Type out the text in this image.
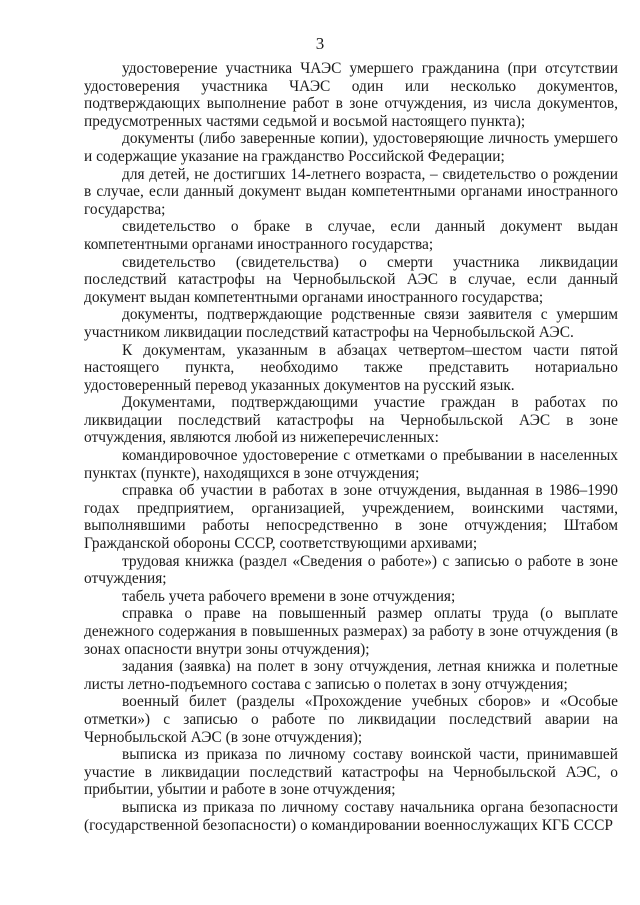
3

удостоверение участника ЧАЭС умершего гражданина (при отсутствии удостоверения участника ЧАЭС один или несколько документов, подтверждающих выполнение работ в зоне отчуждения, из числа документов, предусмотренных частями седьмой и восьмой настоящего пункта);

документы (либо заверенные копии), удостоверяющие личность умершего и содержащие указание на гражданство Российской Федерации;

для детей, не достигших 14-летнего возраста, – свидетельство о рождении в случае, если данный документ выдан компетентными органами иностранного государства;

свидетельство о браке в случае, если данный документ выдан компетентными органами иностранного государства;

свидетельство (свидетельства) о смерти участника ликвидации последствий катастрофы на Чернобыльской АЭС в случае, если данный документ выдан компетентными органами иностранного государства;

документы, подтверждающие родственные связи заявителя с умершим участником ликвидации последствий катастрофы на Чернобыльской АЭС.

К документам, указанным в абзацах четвертом–шестом части пятой настоящего пункта, необходимо также представить нотариально удостоверенный перевод указанных документов на русский язык.

Документами, подтверждающими участие граждан в работах по ликвидации последствий катастрофы на Чернобыльской АЭС в зоне отчуждения, являются любой из нижеперечисленных:

командировочное удостоверение с отметками о пребывании в населенных пунктах (пункте), находящихся в зоне отчуждения;

справка об участии в работах в зоне отчуждения, выданная в 1986–1990 годах предприятием, организацией, учреждением, воинскими частями, выполнявшими работы непосредственно в зоне отчуждения; Штабом Гражданской обороны СССР, соответствующими архивами;

трудовая книжка (раздел «Сведения о работе») с записью о работе в зоне отчуждения;

табель учета рабочего времени в зоне отчуждения;

справка о праве на повышенный размер оплаты труда (о выплате денежного содержания в повышенных размерах) за работу в зоне отчуждения (в зонах опасности внутри зоны отчуждения);

задания (заявка) на полет в зону отчуждения, летная книжка и полетные листы летно-подъемного состава с записью о полетах в зону отчуждения;

военный билет (разделы «Прохождение учебных сборов» и «Особые отметки») с записью о работе по ликвидации последствий аварии на Чернобыльской АЭС (в зоне отчуждения);

выписка из приказа по личному составу воинской части, принимавшей участие в ликвидации последствий катастрофы на Чернобыльской АЭС, о прибытии, убытии и работе в зоне отчуждения;

выписка из приказа по личному составу начальника органа безопасности (государственной безопасности) о командировании военнослужащих КГБ СССР
